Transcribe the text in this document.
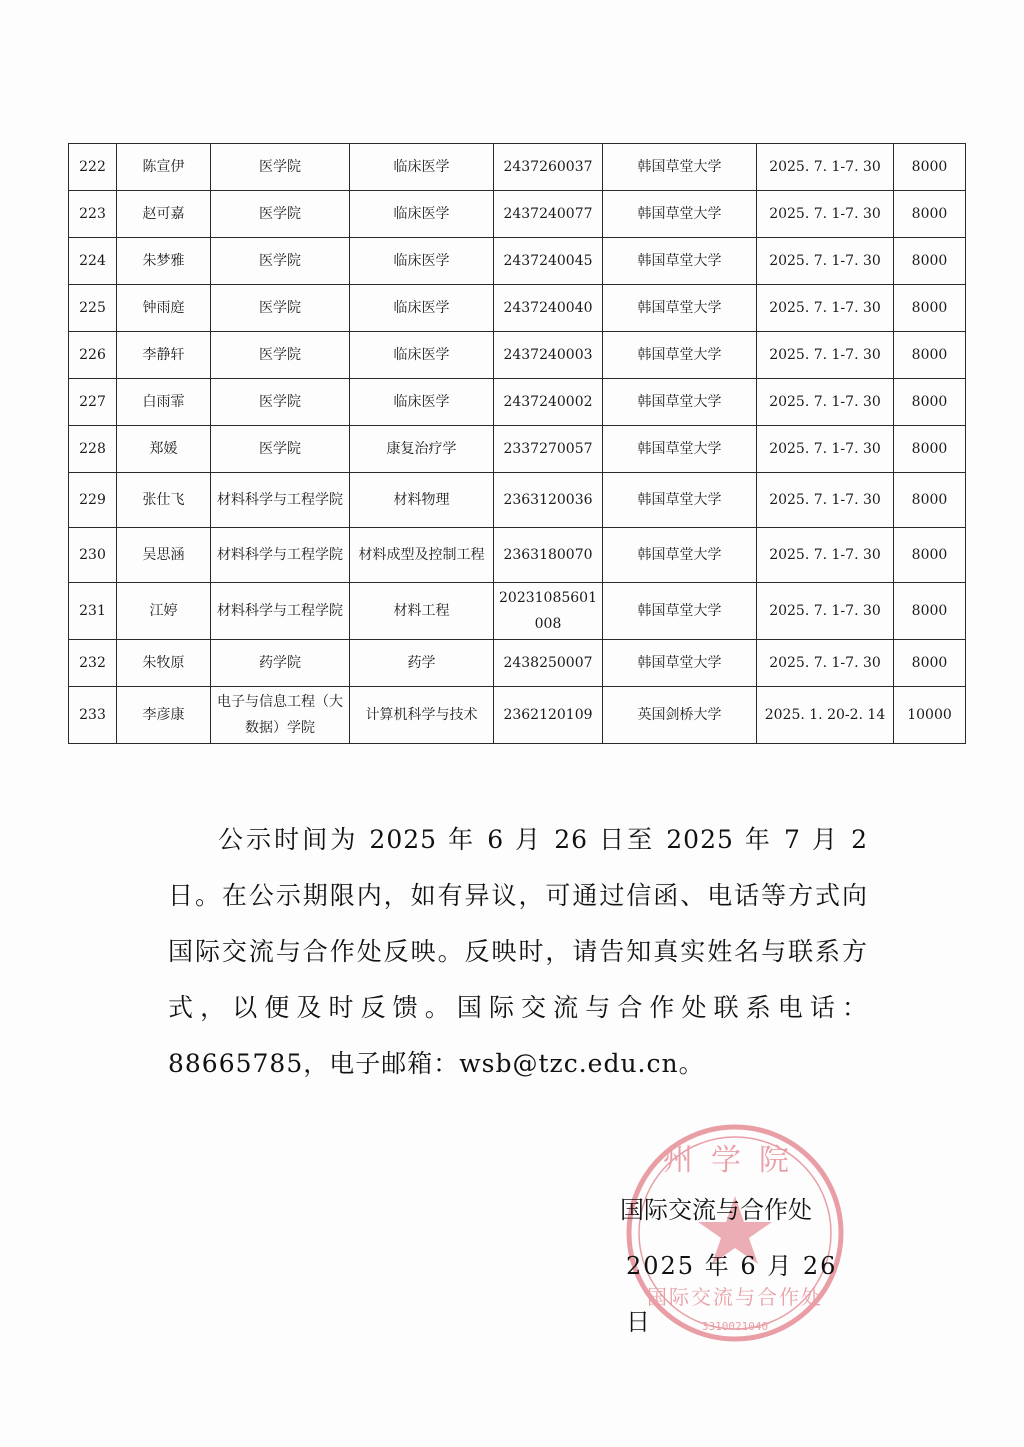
222	陈宣伊	医学院	临床医学	2437260037	韩国草堂大学	2025. 7. 1-7. 30	8000
223	赵可嘉	医学院	临床医学	2437240077	韩国草堂大学	2025. 7. 1-7. 30	8000
224	朱梦雅	医学院	临床医学	2437240045	韩国草堂大学	2025. 7. 1-7. 30	8000
225	钟雨庭	医学院	临床医学	2437240040	韩国草堂大学	2025. 7. 1-7. 30	8000
226	李静轩	医学院	临床医学	2437240003	韩国草堂大学	2025. 7. 1-7. 30	8000
227	白雨霏	医学院	临床医学	2437240002	韩国草堂大学	2025. 7. 1-7. 30	8000
228	郑媛	医学院	康复治疗学	2337270057	韩国草堂大学	2025. 7. 1-7. 30	8000
229	张仕飞	材料科学与工程学院	材料物理	2363120036	韩国草堂大学	2025. 7. 1-7. 30	8000
230	吴思涵	材料科学与工程学院	材料成型及控制工程	2363180070	韩国草堂大学	2025. 7. 1-7. 30	8000
231	江婷	材料科学与工程学院	材料工程	20231085601008	韩国草堂大学	2025. 7. 1-7. 30	8000
232	朱牧原	药学院	药学	2438250007	韩国草堂大学	2025. 7. 1-7. 30	8000
233	李彦康	电子与信息工程（大数据）学院	计算机科学与技术	2362120109	英国剑桥大学	2025. 1. 20-2. 14	10000

公示时间为 2025 年 6 月 26 日至 2025 年 7 月 2 日。在公示期限内，如有异议，可通过信函、电话等方式向国际交流与合作处反映。反映时，请告知真实姓名与联系方式，以便及时反馈。国际交流与合作处联系电话：88665785，电子邮箱：wsb@tzc.edu.cn。

州学院
国际交流与合作处
3310021040
国际交流与合作处
2025 年 6 月 26 日
